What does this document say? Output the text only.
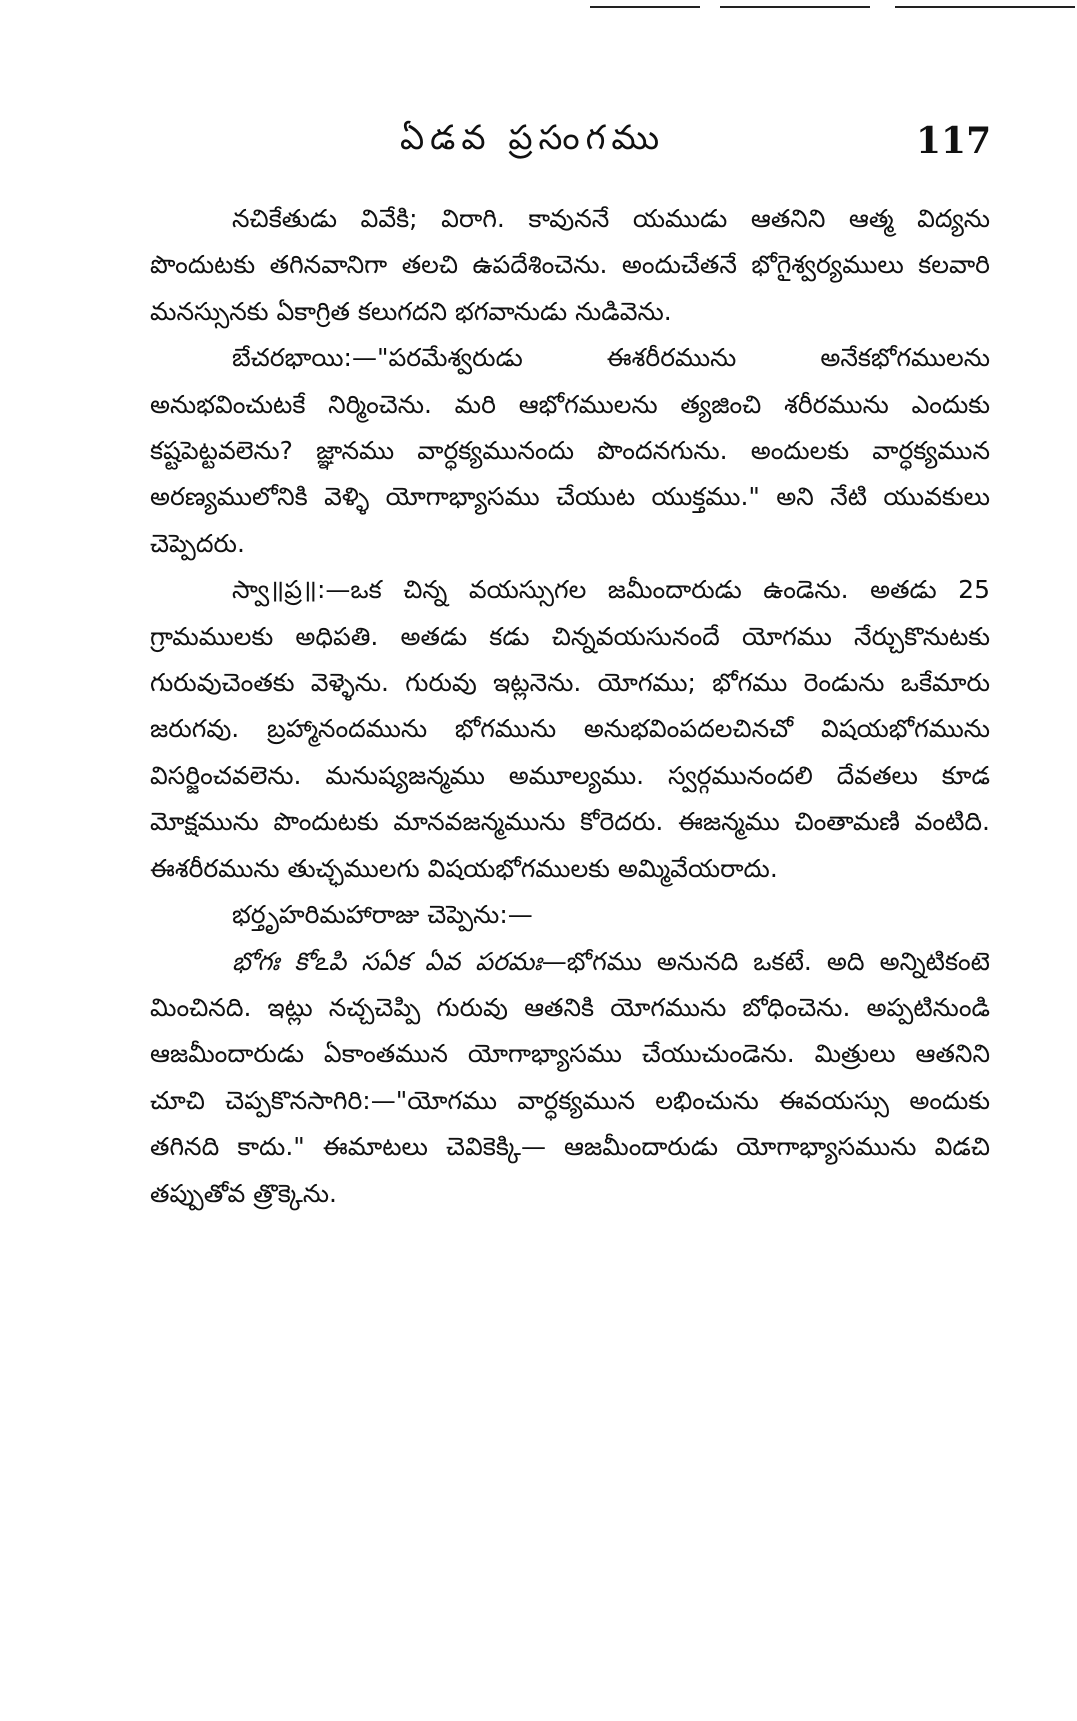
ఏడవ ప్రసంగము	117

నచికేతుడు వివేకి; విరాగి. కావుననే యముడు ఆతనిని ఆత్మ విద్యను పొందుటకు తగినవానిగా తలచి ఉపదేశించెను. అందుచేతనే భోగైశ్వర్యములు కలవారి మనస్సునకు ఏకాగ్రిత కలుగదని భగవానుడు నుడివెను.

బేచరభాయి:—"పరమేశ్వరుడు ఈశరీరమును అనేకభోగములను అనుభవించుటకే నిర్మించెను. మరి ఆభోగములను త్యజించి శరీరమును ఎందుకు కష్టపెట్టవలెను? జ్ఞానము వార్ధక్యమునందు పొందనగును. అందులకు వార్ధక్యమున అరణ్యములోనికి వెళ్ళి యోగాభ్యాసము చేయుట యుక్తము." అని నేటి యువకులు చెప్పెదరు.

స్వా॥ప్ర॥:—ఒక చిన్న వయస్సుగల జమీందారుడు ఉండెను. అతడు 25 గ్రామములకు అధిపతి. అతడు కడు చిన్నవయసునందే యోగము నేర్చుకొనుటకు గురువుచెంతకు వెళ్ళెను. గురువు ఇట్లనెను. యోగము; భోగము రెండును ఒకేమారు జరుగవు. బ్రహ్మానందమును భోగమును అనుభవింపదలచినచో విషయభోగమును విసర్జించవలెను. మనుష్యజన్మము అమూల్యము. స్వర్గమునందలి దేవతలు కూడ మోక్షమును పొందుటకు మానవజన్మమును కోరెదరు. ఈజన్మము చింతామణి వంటిది. ఈశరీరమును తుచ్ఛములగు విషయభోగములకు అమ్మివేయరాదు.

భర్తృహరిమహారాజు చెప్పెను:—

భోగః కోఽపి సఏక ఏవ పరమః—భోగము అనునది ఒకటే. అది అన్నిటికంటె మించినది. ఇట్లు నచ్చచెప్పి గురువు ఆతనికి యోగమును బోధించెను. అప్పటినుండి ఆజమీందారుడు ఏకాంతమున యోగాభ్యాసము చేయుచుండెను. మిత్రులు ఆతనిని చూచి చెప్పకొనసాగిరి:—"యోగము వార్ధక్యమున లభించును ఈవయస్సు అందుకు తగినది కాదు." ఈమాటలు చెవికెక్కి— ఆజమీందారుడు యోగాభ్యాసమును విడచి తప్పుతోవ త్రొక్కెను.
